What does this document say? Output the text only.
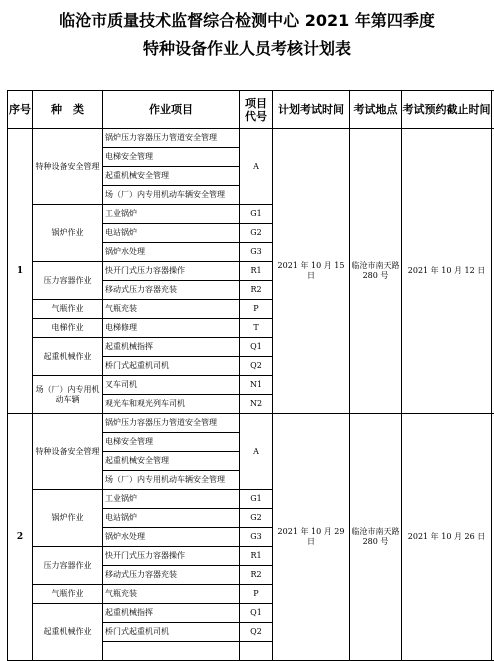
临沧市质量技术监督综合检测中心 2021 年第四季度
特种设备作业人员考核计划表
序号	种　类	作业项目	项目代号	计划考试时间	考试地点	考试预约截止时间	
1	特种设备安全管理	锅炉压力容器压力管道安全管理	A	2021 年 10 月 15 日	临沧市南天路 280 号	2021 年 10 月 12 日	
		电梯安全管理					
		起重机械安全管理					
		场（厂）内专用机动车辆安全管理					
	锅炉作业	工业锅炉	G1				
		电站锅炉	G2				
		锅炉水处理	G3				
	压力容器作业	快开门式压力容器操作	R1				
		移动式压力容器充装	R2				
	气瓶作业	气瓶充装	P				
	电梯作业	电梯修理	T				
	起重机械作业	起重机械指挥	Q1				
		桥门式起重机司机	Q2				
	场（厂）内专用机动车辆	叉车司机	N1				
		观光车和观光列车司机	N2				
2	特种设备安全管理	锅炉压力容器压力管道安全管理	A	2021 年 10 月 29 日	临沧市南天路 280 号	2021 年 10 月 26 日	
		电梯安全管理					
		起重机械安全管理					
		场（厂）内专用机动车辆安全管理					
	锅炉作业	工业锅炉	G1				
		电站锅炉	G2				
		锅炉水处理	G3				
	压力容器作业	快开门式压力容器操作	R1				
		移动式压力容器充装	R2				
	气瓶作业	气瓶充装	P				
	起重机械作业	起重机械指挥	Q1				
		桥门式起重机司机	Q2				
